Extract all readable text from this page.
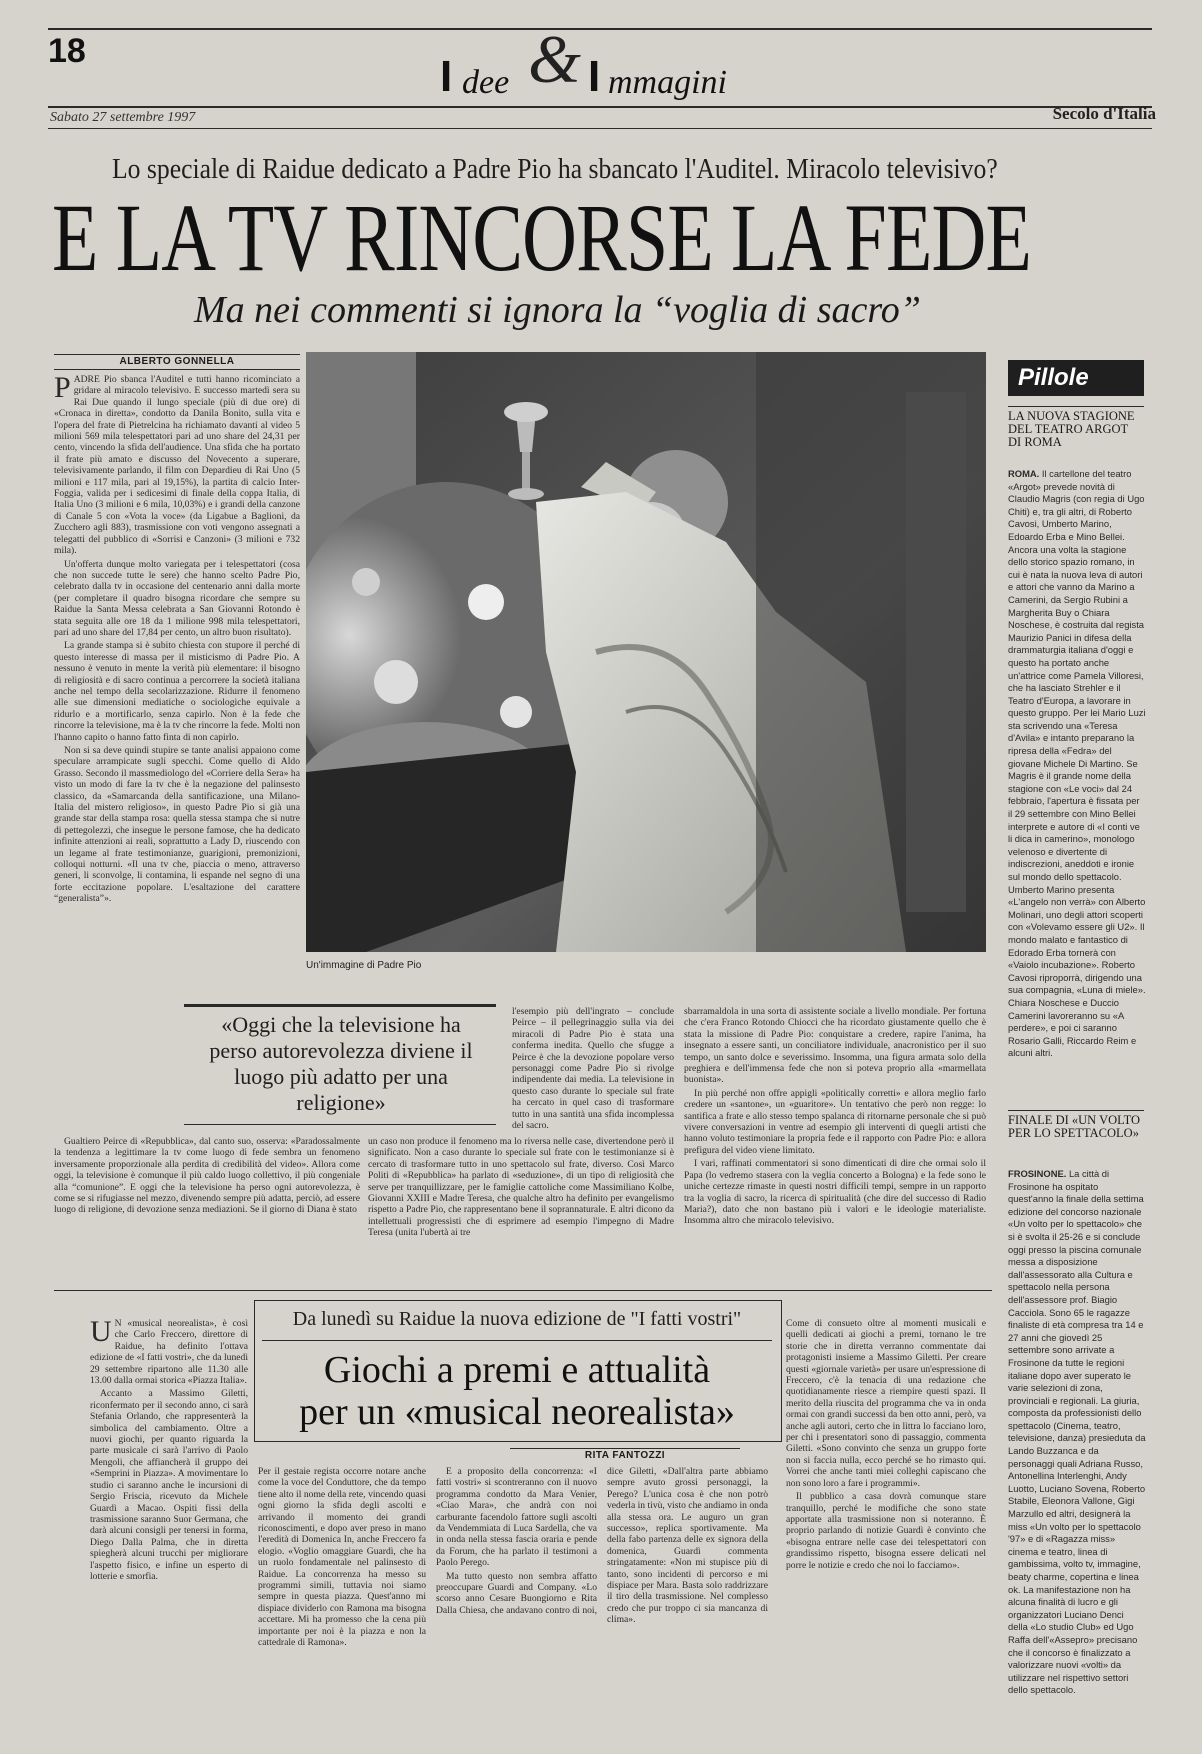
18
I dee & I mmagini
Sabato 27 settembre 1997	Secolo d'Italia
Lo speciale di Raidue dedicato a Padre Pio ha sbancato l'Auditel. Miracolo televisivo?
E LA TV RINCORSE LA FEDE
Ma nei commenti si ignora la “voglia di sacro”
ALBERTO GONNELLA

PADRE Pio sbanca l'Auditel e tutti hanno ricominciato a gridare al miracolo televisivo. E successo martedì sera su Rai Due quando il lungo speciale (più di due ore) di «Cronaca in diretta», condotto da Danila Bonito, sulla vita e l'opera del frate di Pietrelcina ha richiamato davanti al video 5 milioni 569 mila telespettatori pari ad uno share del 24,31 per cento, vincendo la sfida dell'audience. Una sfida che ha portato il frate più amato e discusso del Novecento a superare, televisivamente parlando, il film con Depardieu di Rai Uno (5 milioni e 117 mila, pari al 19,15%), la partita di calcio Inter-Foggia, valida per i sedicesimi di finale della coppa Italia, di Italia Uno (3 milioni e 6 mila, 10,03%) e i grandi della canzone di Canale 5 con «Vota la voce» (da Ligabue a Baglioni, da Zucchero agli 883), trasmissione con voti vengono assegnati a telegatti del pubblico di «Sorrisi e Canzoni» (3 milioni e 732 mila).

Un'offerta dunque molto variegata per i telespettatori (cosa che non succede tutte le sere) che hanno scelto Padre Pio, celebrato dalla tv in occasione del centenario anni dalla morte (per completare il quadro bisogna ricordare che sempre su Raidue la Santa Messa celebrata a San Giovanni Rotondo è stata seguita alle ore 18 da 1 milione 998 mila telespettatori, pari ad uno share del 17,84 per cento, un altro buon risultato).

La grande stampa si è subito chiesta con stupore il perché di questo interesse di massa per il misticismo di Padre Pio. A nessuno è venuto in mente la verità più elementare: il bisogno di religiosità e di sacro continua a percorrere la società italiana anche nel tempo della secolarizzazione. Ridurre il fenomeno alle sue dimensioni mediatiche o sociologiche equivale a ridurlo e a mortificarlo, senza capirlo. Non è la fede che rincorre la televisione, ma è la tv che rincorre la fede. Molti non l'hanno capito o hanno fatto finta di non capirlo.

Non si sa deve quindi stupire se tante analisi appaiono come speculare arrampicate sugli specchi. Come quello di Aldo Grasso. Secondo il massmediologo del «Corriere della Sera» ha visto un modo di fare la tv che è la negazione del palinsesto classico, da «Samarcanda della santificazione, una Milano-Italia del mistero religioso», in questo Padre Pio si già una grande star della stampa rosa: quella stessa stampa che si nutre di pettegolezzi, che insegue le persone famose, che ha dedicato infinite attenzioni ai reali, soprattutto a Lady D, riuscendo con un legame al frate testimonianze, guarigioni, premonizioni, colloqui notturni. «Il una tv che, piaccia o meno, attraverso generi, li sconvolge, li contamina, li espande nel segno di una forte eccitazione popolare. L'esaltazione del carattere “generalista”».

Un'immagine di Padre Pio
«Oggi che la televisione ha perso autorevolezza diviene il luogo più adatto per una religione»

Gualtiero Peirce di «Repubblica», dal canto suo, osserva: «Paradossalmente la tendenza a legittimare la tv come luogo di fede sembra un fenomeno inversamente proporzionale alla perdita di credibilità del video». Allora come oggi, la televisione è comunque il più caldo luogo collettivo, il più congeniale alla “comunione”. E oggi che la televisione ha perso ogni autorevolezza, è come se si rifugiasse nel mezzo, divenendo sempre più adatta, perciò, ad essere luogo di religione, di devozione senza mediazioni. Se il giorno di Diana è stato

un caso non produce il fenomeno ma lo riversa nelle case, divertendone però il significato. Non a caso durante lo speciale sul frate con le testimonianze si è cercato di trasformare tutto in uno spettacolo sul frate, diverso. Così Marco Politi di «Repubblica» ha parlato di «seduzione», di un tipo di religiosità che serve per tranquillizzare, per le famiglie cattoliche come Massimiliano Kolbe, Giovanni XXIII e Madre Teresa, che qualche altro ha definito per evangelismo rispetto a Padre Pio, che rappresentano bene il soprannaturale. E altri dicono da intellettuali progressisti che di esprimere ad esempio l'impegno di Madre Teresa (unita l'ubertà ai tre

l'esempio più dell'ingrato – conclude Peirce – il pellegrinaggio sulla via dei miracoli di Padre Pio è stata una conferma inedita. Quello che sfugge a Peirce è che la devozione popolare verso personaggi come Padre Pio si rivolge indipendente dai media. La televisione in questo caso durante lo speciale sul frate ha cercato in quel caso di trasformare tutto in una santità una sfida incomplessa del sacro.

sbarramaldola in una sorta di assistente sociale a livello mondiale. Per fortuna che c'era Franco Rotondo Chiocci che ha ricordato giustamente quello che è stata la missione di Padre Pio: conquistare a credere, rapire l'anima, ha insegnato a essere santi, un conciliatore individuale, anacronistico per il suo tempo, un santo dolce e severissimo. Insomma, una figura armata solo della preghiera e dell'immensa fede che non si poteva proprio alla «marmellata buonista».

In più perché non offre appigli «politically corretti» e allora meglio farlo credere un «santone», un «guaritore». Un tentativo che però non regge: lo santifica a frate e allo stesso tempo spalanca di ritornarne personale che si può vivere conversazioni in ventre ad esempio gli interventi di quegli artisti che hanno voluto testimoniare la propria fede e il rapporto con Padre Pio: e allora prefigura del video viene limitato.

I vari, raffinati commentatori si sono dimenticati di dire che ormai solo il Papa (lo vedremo stasera con la veglia concerto a Bologna) e la fede sono le uniche certezze rimaste in questi nostri difficili tempi, sempre in un rapporto tra la voglia di sacro, la ricerca di spiritualità (che dire del successo di Radio Maria?), dato che non bastano più i valori e le ideologie materialiste. Insomma altro che miracolo televisivo.

Pillole
LA NUOVA STAGIONE DEL TEATRO ARGOT DI ROMA
ROMA. Il cartellone del teatro «Argot» prevede novità di Claudio Magris (con regia di Ugo Chiti) e, tra gli altri, di Roberto Cavosi, Umberto Marino, Edoardo Erba e Mino Bellei. Ancora una volta la stagione dello storico spazio romano, in cui è nata la nuova leva di autori e attori che vanno da Marino a Camerini, da Sergio Rubini a Margherita Buy o Chiara Noschese, è costruita dal regista Maurizio Panici in difesa della drammaturgia italiana d'oggi e questo ha portato anche un'attrice come Pamela Villoresi, che ha lasciato Strehler e il Teatro d'Europa, a lavorare in questo gruppo. Per lei Mario Luzi sta scrivendo una «Teresa d'Avila» e intanto preparano la ripresa della «Fedra» del giovane Michele Di Martino. Se Magris è il grande nome della stagione con «Le voci» dal 24 febbraio, l'apertura è fissata per il 29 settembre con Mino Bellei interprete e autore di «I conti ve li dica in camerino», monologo velenoso e divertente di indiscrezioni, aneddoti e ironie sul mondo dello spettacolo. Umberto Marino presenta «L'angelo non verrà» con Alberto Molinari, uno degli attori scoperti con «Volevamo essere gli U2». Il mondo malato e fantastico di Edorado Erba tornerà con «Vaiolo incubazione». Roberto Cavosi riproporrà, dirigendo una sua compagnia, «Luna di miele». Chiara Noschese e Duccio Camerini lavoreranno su «A perdere», e poi ci saranno Rosario Galli, Riccardo Reim e alcuni altri.
FINALE DI «UN VOLTO PER LO SPETTACOLO»
FROSINONE. La città di Frosinone ha ospitato quest'anno la finale della settima edizione del concorso nazionale «Un volto per lo spettacolo» che si è svolta il 25-26 e si conclude oggi presso la piscina comunale messa a disposizione dall'assessorato alla Cultura e spettacolo nella persona dell'assessore prof. Biagio Cacciola. Sono 65 le ragazze finaliste di età compresa tra 14 e 27 anni che giovedì 25 settembre sono arrivate a Frosinone da tutte le regioni italiane dopo aver superato le varie selezioni di zona, provinciali e regionali. La giuria, composta da professionisti dello spettacolo (Cinema, teatro, televisione, danza) presieduta da Lando Buzzanca e da personaggi quali Adriana Russo, Antonellina Interlenghi, Andy Luotto, Luciano Sovena, Roberto Stabile, Eleonora Vallone, Gigi Marzullo ed altri, designerà la miss «Un volto per lo spettacolo '97» e di «Ragazza miss» cinema e teatro, linea di gambissima, volto tv, immagine, beaty charme, copertina e linea ok. La manifestazione non ha alcuna finalità di lucro e gli organizzatori Luciano Denci della «Lo studio Club» ed Ugo Raffa dell'«Assepro» precisano che il concorso è finalizzato a valorizzare nuovi «volti» da utilizzare nel rispettivo settori dello spettacolo.
Da lunedì su Raidue la nuova edizione de "I fatti vostri"
Giochi a premi e attualità
per un «musical neorealista»
RITA FANTOZZI

U N «musical neorealista», è così che Carlo Freccero, direttore di Raidue, ha definito l'ottava edizione de «I fatti vostri», che da lunedì 29 settembre ripartono alle 11.30 alle 13.00 dalla ormai storica «Piazza Italia».

Accanto a Massimo Giletti, riconfermato per il secondo anno, ci sarà Stefania Orlando, che rappresenterà la simbolica del cambiamento. Oltre a nuovi giochi, per quanto riguarda la parte musicale ci sarà l'arrivo di Paolo Mengoli, che affiancherà il gruppo dei «Semprini in Piazza». A movimentare lo studio ci saranno anche le incursioni di Sergio Friscia, ricevuto da Michele Guardì a Macao. Ospiti fissi della trasmissione saranno Suor Germana, che darà alcuni consigli per tenersi in forma, Diego Dalla Palma, che in diretta spiegherà alcuni trucchi per migliorare l'aspetto fisico, e infine un esperto di lotterie e smorfia.

Per il gestaie regista occorre notare anche come la voce del Conduttore, che da tempo tiene alto il nome della rete, vincendo quasi ogni giorno la sfida degli ascolti e arrivando il momento dei grandi riconoscimenti, e dopo aver preso in mano l'eredità di Domenica In, anche Freccero fa elogio. «Voglio omaggiare Guardì, che ha un ruolo fondamentale nel palinsesto di Raidue. La concorrenza ha messo su programmi simili, tuttavia noi siamo sempre in questa piazza. Quest'anno mi dispiace dividerlo con Ramona ma bisogna accettare. Mi ha promesso che la cena più importante per noi è la piazza e non la cattedrale di Ramona».

E a proposito della concorrenza: «I fatti vostri» si scontreranno con il nuovo programma condotto da Mara Venier, «Ciao Mara», che andrà con noi carburante facendolo fattore sugli ascolti da Vendemmiata di Luca Sardella, che va in onda nella stessa fascia oraria e pende da Forum, che ha parlato il testimoni a Paolo Perego.

Ma tutto questo non sembra affatto preoccupare Guardì and Company. «Lo scorso anno Cesare Buongiorno e Rita Dalla Chiesa, che andavano contro di noi, dice Giletti, «Dall'altra parte abbiamo sempre avuto grossi personaggi, la Perego? L'unica cosa è che non potrò vederla in tivù, visto che andiamo in onda alla stessa ora. Le auguro un gran successo», replica sportivamente. Ma della fabo partenza delle ex signora della domenica, Guardì commenta stringatamente: «Non mi stupisce più di tanto, sono incidenti di percorso e mi dispiace per Mara. Basta solo raddrizzare il tiro della trasmissione. Nel complesso credo che pur troppo ci sia mancanza di clima».

Come di consueto oltre al momenti musicali e quelli dedicati ai giochi a premi, tornano le tre storie che in diretta verranno commentate dai protagonisti insieme a Massimo Giletti. Per creare questi «giornale varietà» per usare un'espressione di Freccero, c'è la tenacia di una redazione che quotidianamente riesce a riempire questi spazi. Il merito della riuscita del programma che va in onda ormai con grandi successi da ben otto anni, però, va anche agli autori, certo che in lìttra lo facciano loro, per chi i presentatori sono di passaggio, commenta Giletti. «Sono convinto che senza un gruppo forte non si faccia nulla, ecco perché se ho rimasto qui. Vorrei che anche tanti miei colleghi capiscano che non sono loro a fare i programmi».

Il pubblico a casa dovrà comunque stare tranquillo, perché le modifiche che sono state apportate alla trasmissione non si noteranno. È proprio parlando di notizie Guardì è convinto che «bisogna entrare nelle case dei telespettatori con grandissimo rispetto, bisogna essere delicati nel porre le notizie e credo che noi lo facciamo».
